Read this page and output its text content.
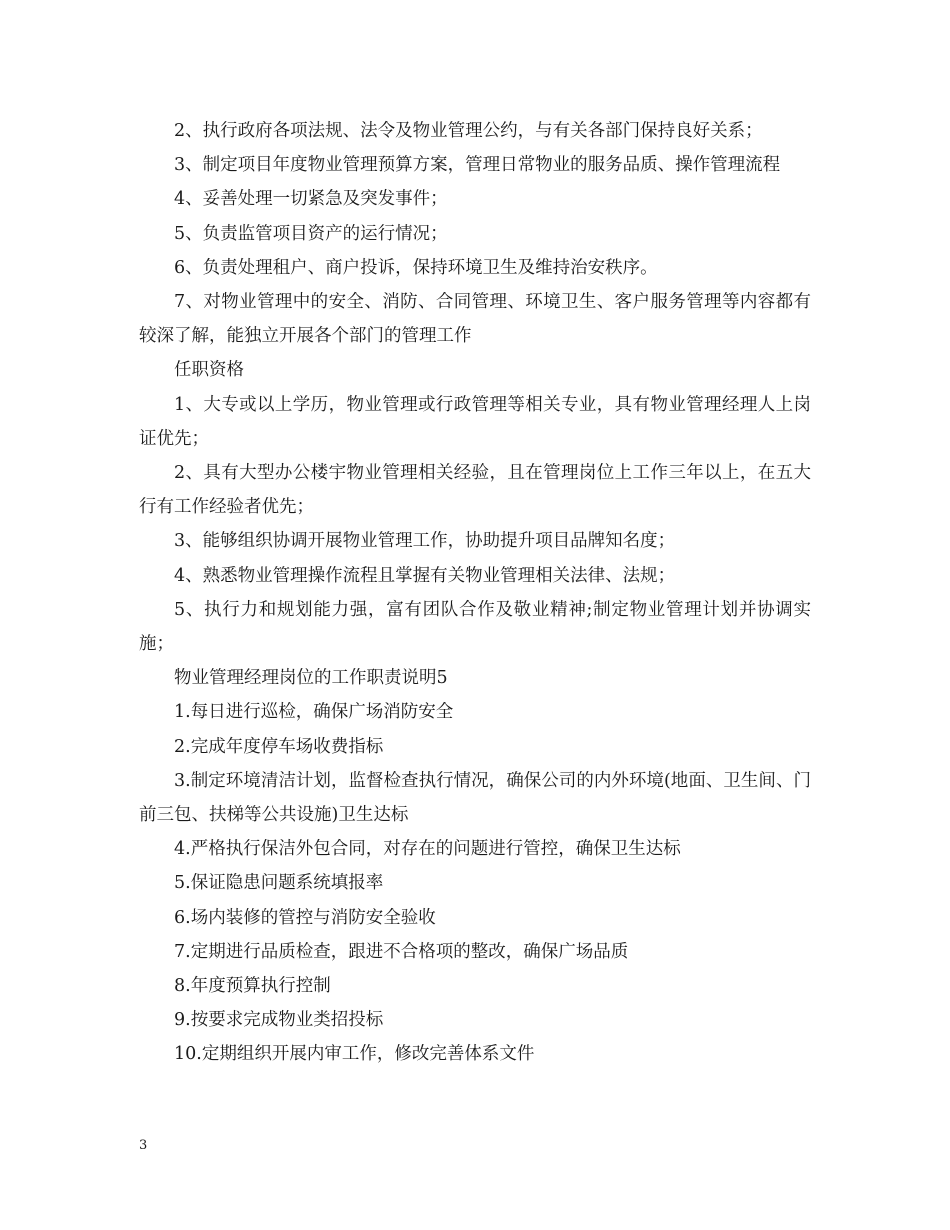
2、执行政府各项法规、法令及物业管理公约，与有关各部门保持良好关系；

3、制定项目年度物业管理预算方案，管理日常物业的服务品质、操作管理流程

4、妥善处理一切紧急及突发事件；

5、负责监管项目资产的运行情况；

6、负责处理租户、商户投诉，保持环境卫生及维持治安秩序。

7、对物业管理中的安全、消防、合同管理、环境卫生、客户服务管理等内容都有较深了解，能独立开展各个部门的管理工作

任职资格

1、大专或以上学历，物业管理或行政管理等相关专业，具有物业管理经理人上岗证优先；

2、具有大型办公楼宇物业管理相关经验，且在管理岗位上工作三年以上，在五大行有工作经验者优先；

3、能够组织协调开展物业管理工作，协助提升项目品牌知名度；

4、熟悉物业管理操作流程且掌握有关物业管理相关法律、法规；

5、执行力和规划能力强，富有团队合作及敬业精神;制定物业管理计划并协调实施；

物业管理经理岗位的工作职责说明5

1.每日进行巡检，确保广场消防安全

2.完成年度停车场收费指标

3.制定环境清洁计划，监督检查执行情况，确保公司的内外环境(地面、卫生间、门前三包、扶梯等公共设施)卫生达标

4.严格执行保洁外包合同，对存在的问题进行管控，确保卫生达标

5.保证隐患问题系统填报率

6.场内装修的管控与消防安全验收

7.定期进行品质检查，跟进不合格项的整改，确保广场品质

8.年度预算执行控制

9.按要求完成物业类招投标

10.定期组织开展内审工作，修改完善体系文件

3
